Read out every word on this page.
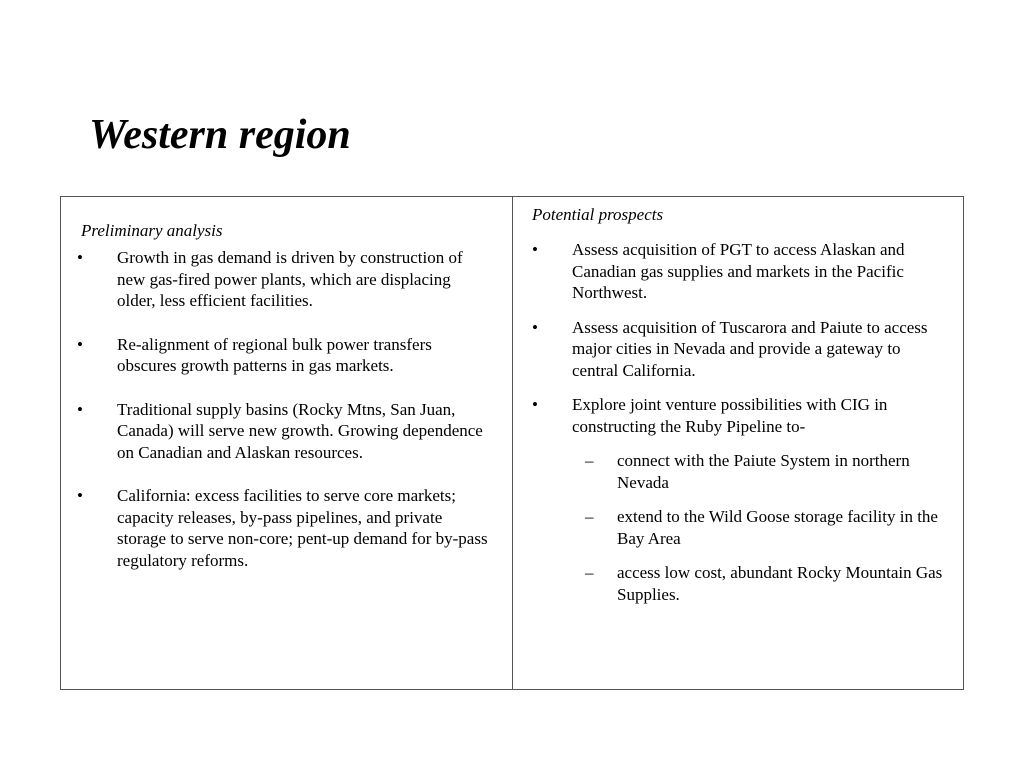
Western region
Preliminary analysis
•	Growth in gas demand is driven by construction of new gas-fired power plants, which are displacing older, less efficient facilities.
•	Re-alignment of regional bulk power transfers obscures growth patterns in gas markets.
•	Traditional supply basins (Rocky Mtns, San Juan, Canada) will serve new growth. Growing dependence on Canadian and Alaskan resources.
•	California: excess facilities to serve core markets; capacity releases, by-pass pipelines, and private storage to serve non-core; pent-up demand for by-pass regulatory reforms.
Potential prospects
•	Assess acquisition of PGT to access Alaskan and Canadian gas supplies and markets in the Pacific Northwest.
•	Assess acquisition of Tuscarora and Paiute to access major cities in Nevada and provide a gateway to central California.
•	Explore joint venture possibilities with CIG in constructing the Ruby Pipeline to-
– connect with the Paiute System in northern Nevada
– extend to the Wild Goose storage facility in the Bay Area
– access low cost, abundant Rocky Mountain Gas Supplies.
